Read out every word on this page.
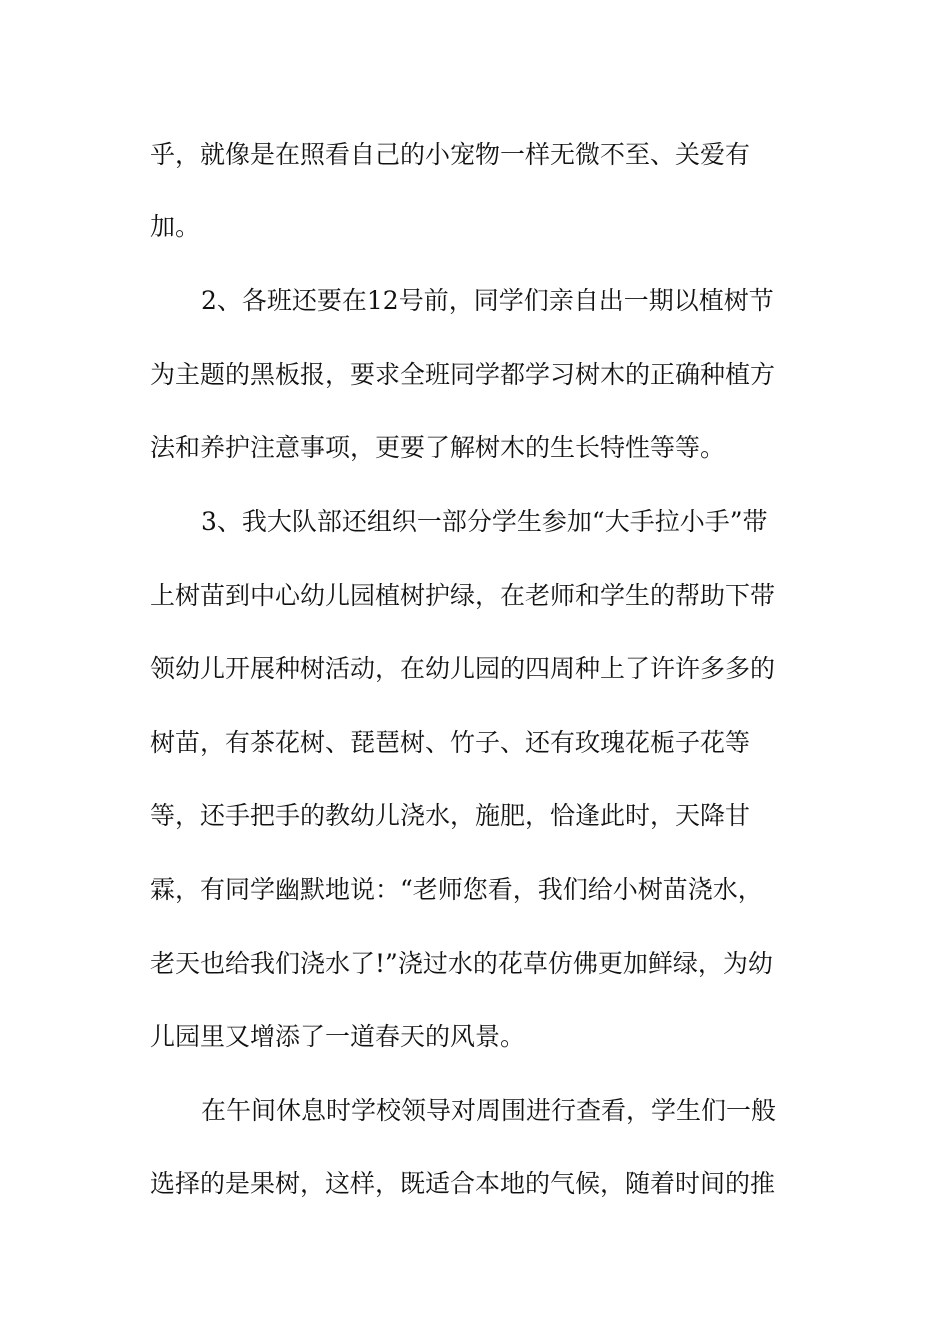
乎，就像是在照看自己的小宠物一样无微不至、关爱有
加。
2、各班还要在12号前，同学们亲自出一期以植树节
为主题的黑板报，要求全班同学都学习树木的正确种植方
法和养护注意事项，更要了解树木的生长特性等等。
3、我大队部还组织一部分学生参加“大手拉小手”带
上树苗到中心幼儿园植树护绿，在老师和学生的帮助下带
领幼儿开展种树活动，在幼儿园的四周种上了许许多多的
树苗，有茶花树、琵琶树、竹子、还有玫瑰花栀子花等
等，还手把手的教幼儿浇水，施肥，恰逢此时，天降甘
霖，有同学幽默地说：“老师您看，我们给小树苗浇水，
老天也给我们浇水了!”浇过水的花草仿佛更加鲜绿，为幼
儿园里又增添了一道春天的风景。
在午间休息时学校领导对周围进行查看，学生们一般
选择的是果树，这样，既适合本地的气候，随着时间的推
